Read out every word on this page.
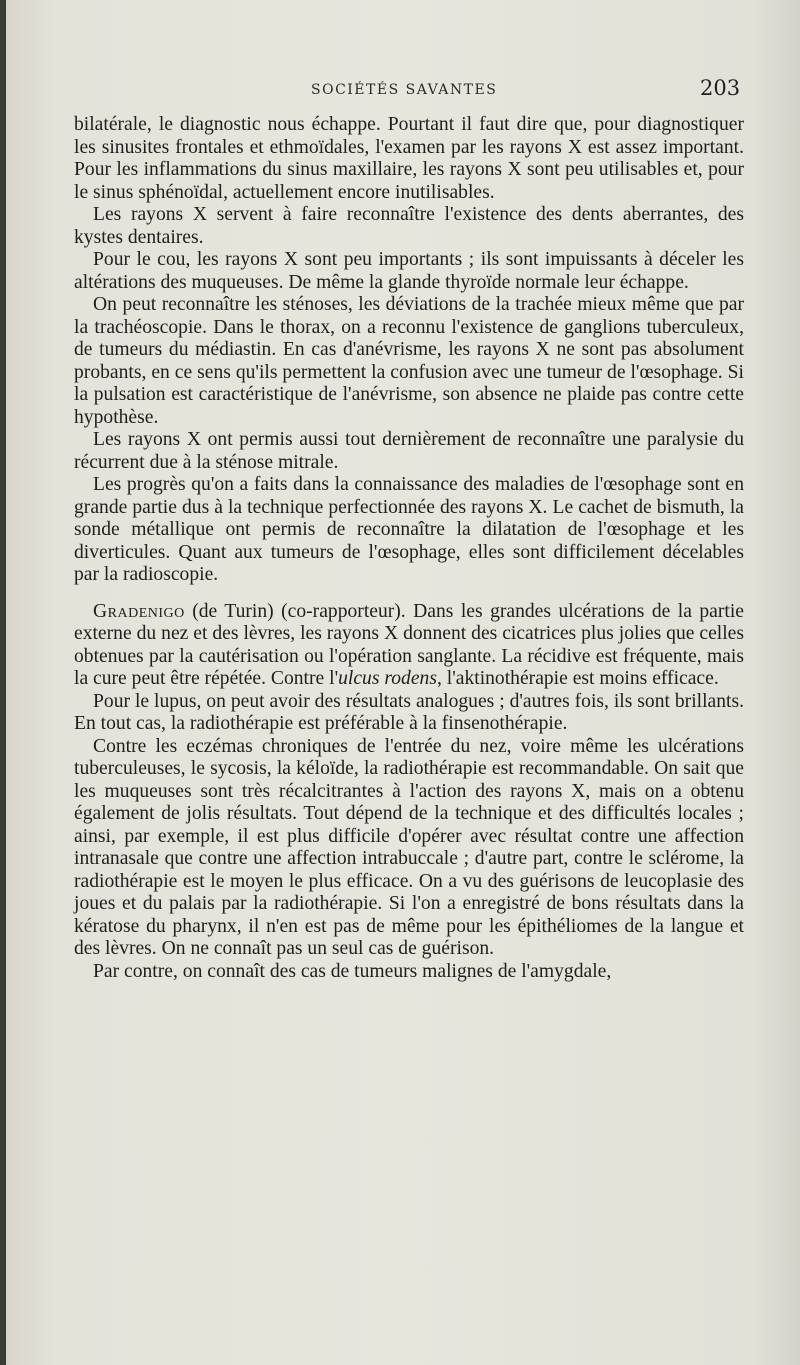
SOCIÉTÉS SAVANTES	203

bilatérale, le diagnostic nous échappe. Pourtant il faut dire que, pour diagnostiquer les sinusites frontales et ethmoïdales, l'examen par les rayons X est assez important. Pour les inflammations du sinus maxillaire, les rayons X sont peu utilisables et, pour le sinus sphénoïdal, actuellement encore inutilisables.

Les rayons X servent à faire reconnaître l'existence des dents aberrantes, des kystes dentaires.

Pour le cou, les rayons X sont peu importants ; ils sont impuissants à déceler les altérations des muqueuses. De même la glande thyroïde normale leur échappe.

On peut reconnaître les sténoses, les déviations de la trachée mieux même que par la trachéoscopie. Dans le thorax, on a reconnu l'existence de ganglions tuberculeux, de tumeurs du médiastin. En cas d'anévrisme, les rayons X ne sont pas absolument probants, en ce sens qu'ils permettent la confusion avec une tumeur de l'œsophage. Si la pulsation est caractéristique de l'anévrisme, son absence ne plaide pas contre cette hypothèse.

Les rayons X ont permis aussi tout dernièrement de reconnaître une paralysie du récurrent due à la sténose mitrale.

Les progrès qu'on a faits dans la connaissance des maladies de l'œsophage sont en grande partie dus à la technique perfectionnée des rayons X. Le cachet de bismuth, la sonde métallique ont permis de reconnaître la dilatation de l'œsophage et les diverticules. Quant aux tumeurs de l'œsophage, elles sont difficilement décelables par la radioscopie.

Gradenigo (de Turin) (co-rapporteur). Dans les grandes ulcérations de la partie externe du nez et des lèvres, les rayons X donnent des cicatrices plus jolies que celles obtenues par la cautérisation ou l'opération sanglante. La récidive est fréquente, mais la cure peut être répétée. Contre l'ulcus rodens, l'aktinothérapie est moins efficace.

Pour le lupus, on peut avoir des résultats analogues ; d'autres fois, ils sont brillants. En tout cas, la radiothérapie est préférable à la finsenothérapie.

Contre les eczémas chroniques de l'entrée du nez, voire même les ulcérations tuberculeuses, le sycosis, la kéloïde, la radiothérapie est recommandable. On sait que les muqueuses sont très récalcitrantes à l'action des rayons X, mais on a obtenu également de jolis résultats. Tout dépend de la technique et des difficultés locales ; ainsi, par exemple, il est plus difficile d'opérer avec résultat contre une affection intranasale que contre une affection intrabuccale ; d'autre part, contre le sclérome, la radiothérapie est le moyen le plus efficace. On a vu des guérisons de leucoplasie des joues et du palais par la radiothérapie. Si l'on a enregistré de bons résultats dans la kératose du pharynx, il n'en est pas de même pour les épithéliomes de la langue et des lèvres. On ne connaît pas un seul cas de guérison.

Par contre, on connaît des cas de tumeurs malignes de l'amygdale,
